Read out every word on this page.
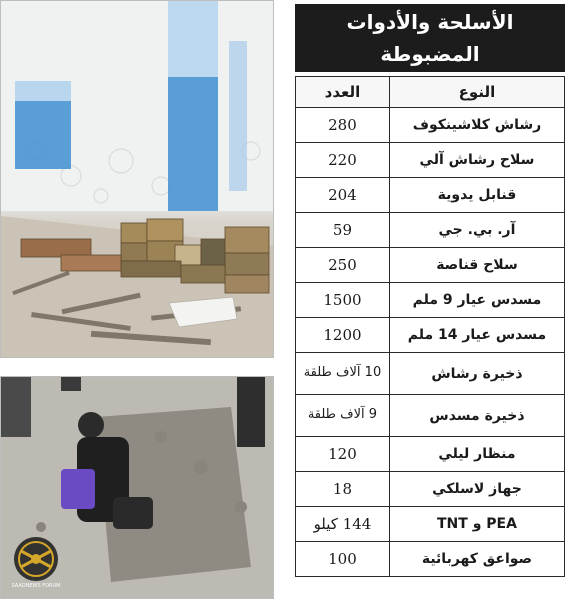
SAADNEWS FORUM
الأسلحة والأدوات
المضبوطة
النوع	العدد
رشاش كلاشينكوف	280
سلاح رشاش آلي	220
قنابل يدوية	204
آر. بي. جي	59
سلاح قناصة	250
مسدس عيار 9 ملم	1500
مسدس عيار 14 ملم	1200
ذخيرة رشاش	10 آلاف طلقة
ذخيرة مسدس	9 آلاف طلقة
منظار ليلي	120
جهاز لاسلكي	18
TNT و PEA	144 كيلو
صواعق كهربائية	100
